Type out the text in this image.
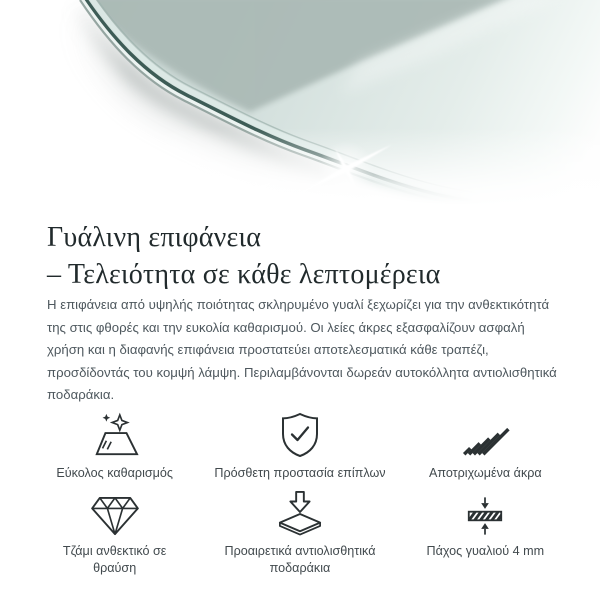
Γυάλινη επιφάνεια
– Τελειότητα σε κάθε λεπτομέρεια

Η επιφάνεια από υψηλής ποιότητας σκληρυμένο γυαλί ξεχωρίζει για την ανθεκτικότητά της στις φθορές και την ευκολία καθαρισμού. Οι λείες άκρες εξασφαλίζουν ασφαλή χρήση και η διαφανής επιφάνεια προστατεύει αποτελεσματικά κάθε τραπέζι, προσδίδοντάς του κομψή λάμψη. Περιλαμβάνονται δωρεάν αυτοκόλλητα αντιολισθητικά ποδαράκια.

Εύκολος καθαρισμός	Πρόσθετη προστασία επίπλων	Αποτριχωμένα άκρα
Τζάμι ανθεκτικό σε θραύση
Προαιρετικά αντιολισθητικά ποδαράκια
Πάχος γυαλιού 4 mm
